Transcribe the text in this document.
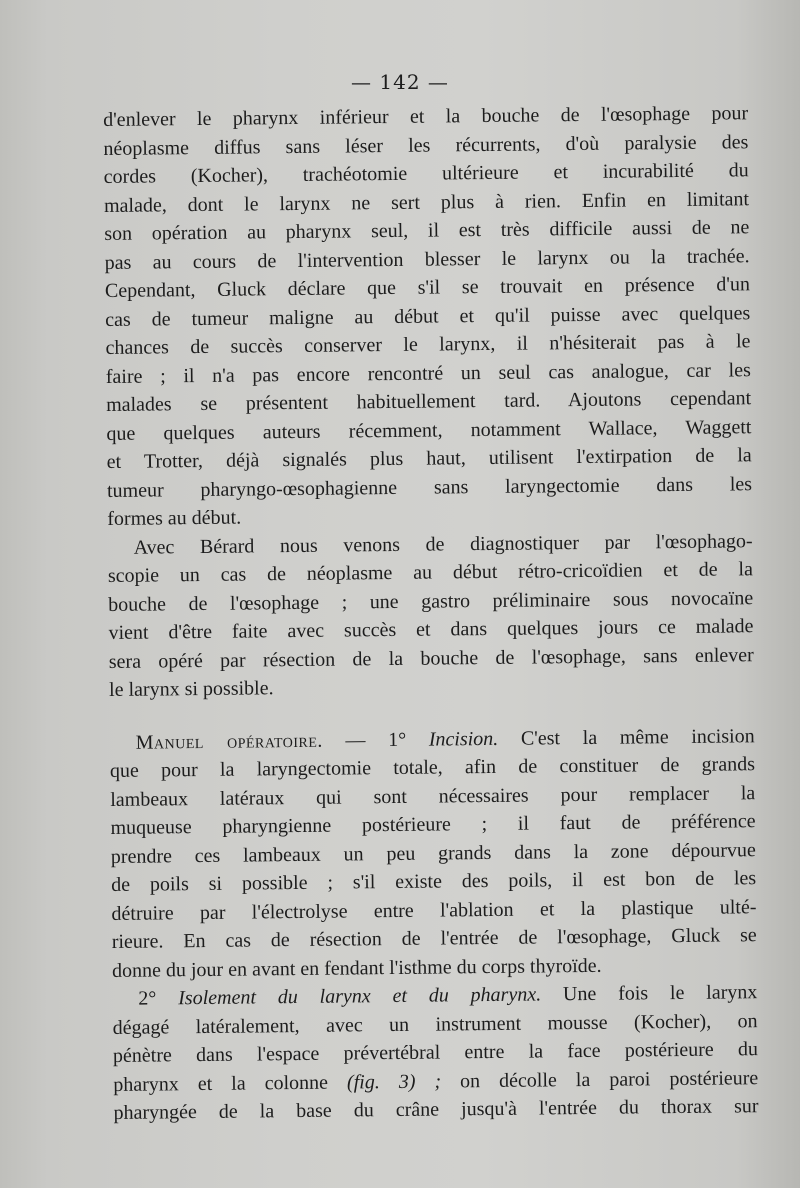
— 142 —
d'enlever le pharynx inférieur et la bouche de l'œsophage pour
néoplasme diffus sans léser les récurrents, d'où paralysie des
cordes (Kocher), trachéotomie ultérieure et incurabilité du
malade, dont le larynx ne sert plus à rien. Enfin en limitant
son opération au pharynx seul, il est très difficile aussi de ne
pas au cours de l'intervention blesser le larynx ou la trachée.
Cependant, Gluck déclare que s'il se trouvait en présence d'un
cas de tumeur maligne au début et qu'il puisse avec quelques
chances de succès conserver le larynx, il n'hésiterait pas à le
faire ; il n'a pas encore rencontré un seul cas analogue, car les
malades se présentent habituellement tard. Ajoutons cependant
que quelques auteurs récemment, notamment Wallace, Waggett
et Trotter, déjà signalés plus haut, utilisent l'extirpation de la
tumeur pharyngo-œsophagienne sans laryngectomie dans les
formes au début.
Avec Bérard nous venons de diagnostiquer par l'œsophago-
scopie un cas de néoplasme au début rétro-cricoïdien et de la
bouche de l'œsophage ; une gastro préliminaire sous novocaïne
vient d'être faite avec succès et dans quelques jours ce malade
sera opéré par résection de la bouche de l'œsophage, sans enlever
le larynx si possible.
Manuel opératoire. — 1° Incision. C'est la même incision
que pour la laryngectomie totale, afin de constituer de grands
lambeaux latéraux qui sont nécessaires pour remplacer la
muqueuse pharyngienne postérieure ; il faut de préférence
prendre ces lambeaux un peu grands dans la zone dépourvue
de poils si possible ; s'il existe des poils, il est bon de les
détruire par l'électrolyse entre l'ablation et la plastique ulté-
rieure. En cas de résection de l'entrée de l'œsophage, Gluck se
donne du jour en avant en fendant l'isthme du corps thyroïde.
2° Isolement du larynx et du pharynx. Une fois le larynx
dégagé latéralement, avec un instrument mousse (Kocher), on
pénètre dans l'espace prévertébral entre la face postérieure du
pharynx et la colonne (fig. 3) ; on décolle la paroi postérieure
pharyngée de la base du crâne jusqu'à l'entrée du thorax sur
